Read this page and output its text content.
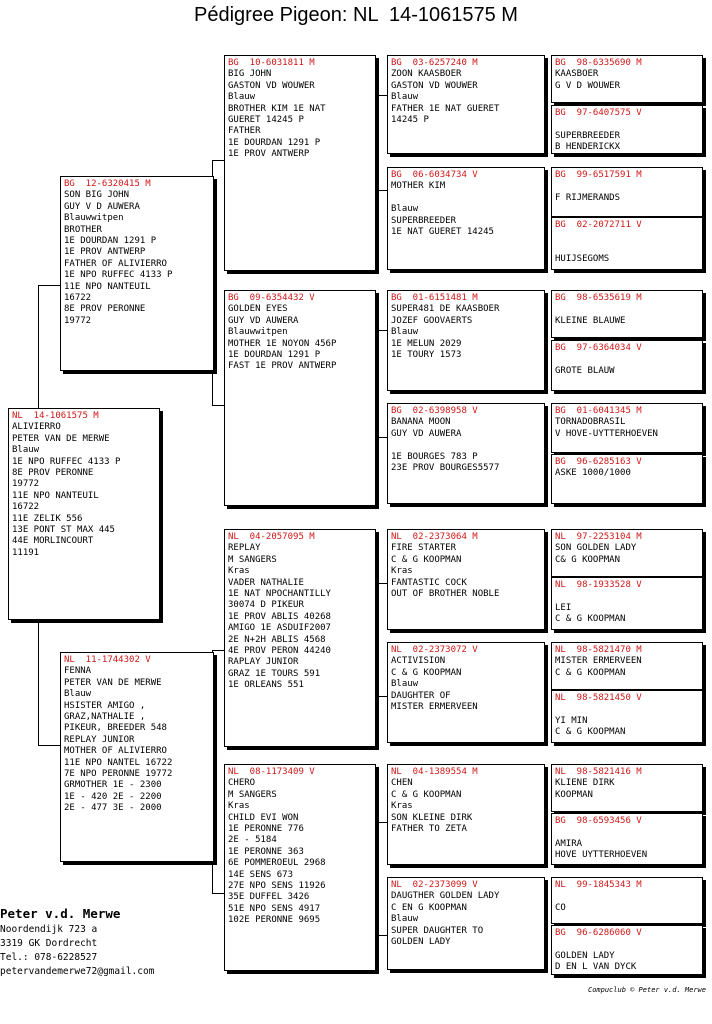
Pédigree Pigeon: NL  14-1061575 M
NL  14-1061575 M
ALIVIERRO
PETER VAN DE MERWE
Blauw
1E NPO RUFFEC 4133 P
8E PROV PERONNE
19772
11E NPO NANTEUIL
16722
11E ZELIK 556
13E PONT ST MAX 445
44E MORLINCOURT
11191
BG  12-6320415 M
SON BIG JOHN
GUY V D AUWERA
Blauwwitpen
BROTHER
1E DOURDAN 1291 P
1E PROV ANTWERP
FATHER OF ALIVIERRO
1E NPO RUFFEC 4133 P
11E NPO NANTEUIL
16722
8E PROV PERONNE
19772
NL  11-1744302 V
FENNA
PETER VAN DE MERWE
Blauw
HSISTER AMIGO ,
GRAZ,NATHALIE ,
PIKEUR, BREEDER 548
REPLAY JUNIOR
MOTHER OF ALIVIERRO
11E NPO NANTEL 16722
7E NPO PERONNE 19772
GRMOTHER 1E - 2300
1E - 420 2E - 2200
2E - 477 3E - 2000
BG  10-6031811 M
BIG JOHN
GASTON VD WOUWER
Blauw
BROTHER KIM 1E NAT
GUERET 14245 P
FATHER
1E DOURDAN 1291 P
1E PROV ANTWERP
BG  09-6354432 V
GOLDEN EYES
GUY VD AUWERA
Blauwwitpen
MOTHER 1E NOYON 456P
1E DOURDAN 1291 P
FAST 1E PROV ANTWERP
NL  04-2057095 M
REPLAY
M SANGERS
Kras
VADER NATHALIE
1E NAT NPOCHANTILLY
30074 D PIKEUR
1E PROV ABLIS 40268
AMIGO 1E ASDUIF2007
2E N+2H ABLIS 4568
4E PROV PERON 44240
RAPLAY JUNIOR
GRAZ 1E TOURS 591
1E ORLEANS 551
NL  08-1173409 V
CHERO
M SANGERS
Kras
CHILD EVI WON
1E PERONNE 776
2E - 5184
1E PERONNE 363
6E POMMEROEUL 2968
14E SENS 673
27E NPO SENS 11926
35E DUFFEL 3426
51E NPO SENS 4917
102E PERONNE 9695
BG  03-6257240 M
ZOON KAASBOER
GASTON VD WOUWER
Blauw
FATHER 1E NAT GUERET
14245 P
BG  06-6034734 V
MOTHER KIM
Blauw
SUPERBREEDER
1E NAT GUERET 14245
BG  01-6151481 M
SUPER481 DE KAASBOER
JOZEF GOOVAERTS
Blauw
1E MELUN 2029
1E TOURY 1573
BG  02-6398958 V
BANANA MOON
GUY VD AUWERA
1E BOURGES 783 P
23E PROV BOURGES5577
NL  02-2373064 M
FIRE STARTER
C & G KOOPMAN
Kras
FANTASTIC COCK
OUT OF BROTHER NOBLE
NL  02-2373072 V
ACTIVISION
C & G KOOPMAN
Blauw
DAUGHTER OF
MISTER ERMERVEEN
NL  04-1389554 M
CHEN
C & G KOOPMAN
Kras
SON KLEINE DIRK
FATHER TO ZETA
NL  02-2373099 V
DAUGTHER GOLDEN LADY
C EN G KOOPMAN
Blauw
SUPER DAUGHTER TO
GOLDEN LADY
BG  98-6335690 M
KAASBOER
G V D WOUWER
BG  97-6407575 V
SUPERBREEDER
B HENDERICKX
BG  99-6517591 M
F RIJMERANDS
BG  02-2072711 V
HUIJSEGOMS
BG  98-6535619 M
KLEINE BLAUWE
BG  97-6364034 V
GROTE BLAUW
BG  01-6041345 M
TORNADOBRASIL
V HOVE-UYTTERHOEVEN
BG  96-6285163 V
ASKE 1000/1000
NL  97-2253104 M
SON GOLDEN LADY
C& G KOOPMAN
NL  98-1933528 V
LEI
C & G KOOPMAN
NL  98-5821470 M
MISTER ERMERVEEN
C & G KOOPMAN
NL  98-5821450 V
YI MIN
C & G KOOPMAN
NL  98-5821416 M
KLIENE DIRK
KOOPMAN
BG  98-6593456 V
AMIRA
HOVE UYTTERHOEVEN
NL  99-1845343 M
CO
BG  96-6286060 V
GOLDEN LADY
D EN L VAN DYCK
Peter v.d. Merwe
Noordendijk 723 a
3319 GK Dordrecht
Tel.: 078-6228527
petervandemerwe72@gmail.com
Compuclub © Peter v.d. Merwe
